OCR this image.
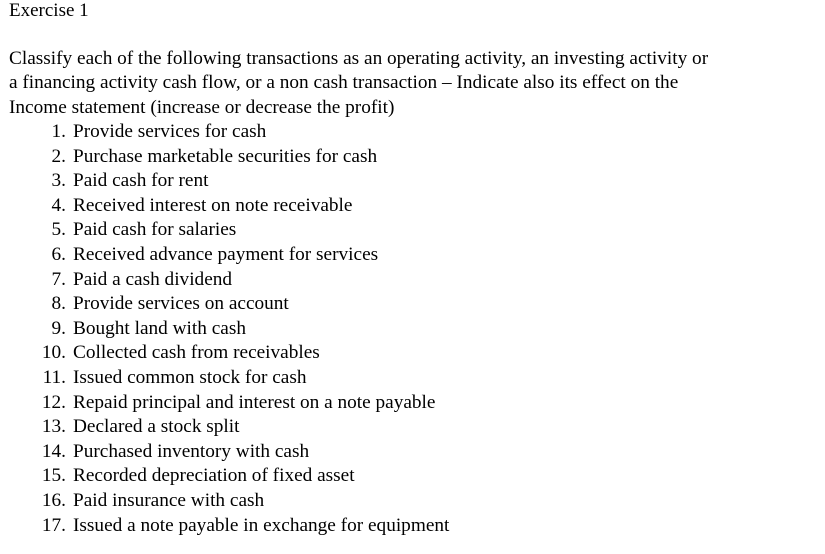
Exercise 1
Classify each of the following transactions as an operating activity, an investing activity or
a financing activity cash flow, or a non cash transaction – Indicate also its effect on the
Income statement (increase or decrease the profit)
1. Provide services for cash
2. Purchase marketable securities for cash
3. Paid cash for rent
4. Received interest on note receivable
5. Paid cash for salaries
6. Received advance payment for services
7. Paid a cash dividend
8. Provide services on account
9. Bought land with cash
10. Collected cash from receivables
11. Issued common stock for cash
12. Repaid principal and interest on a note payable
13. Declared a stock split
14. Purchased inventory with cash
15. Recorded depreciation of fixed asset
16. Paid insurance with cash
17. Issued a note payable in exchange for equipment
